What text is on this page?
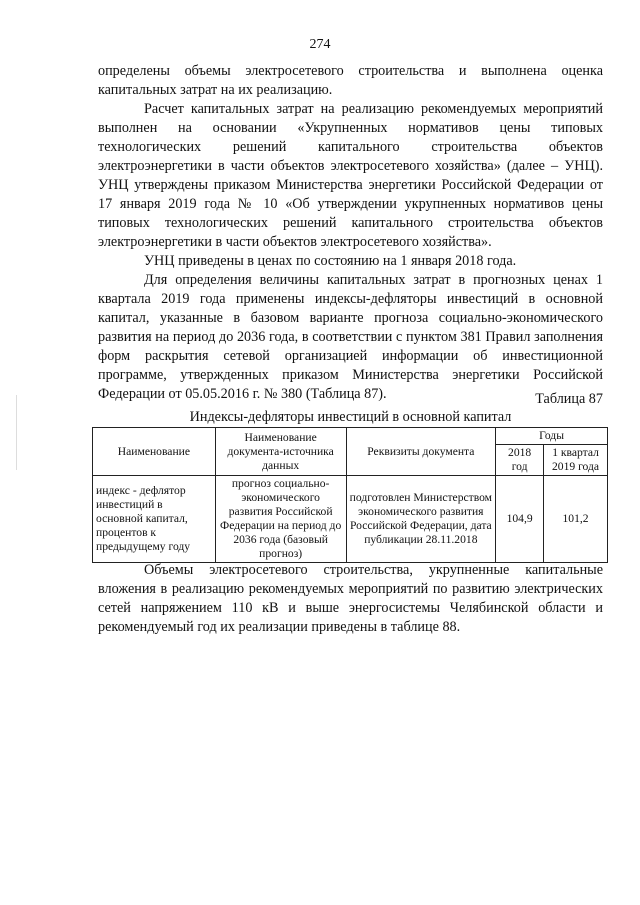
274

определены объемы электросетевого строительства и выполнена оценка капитальных затрат на их реализацию.

Расчет капитальных затрат на реализацию рекомендуемых мероприятий выполнен на основании «Укрупненных нормативов цены типовых технологических решений капитального строительства объектов электроэнергетики в части объектов электросетевого хозяйства» (далее – УНЦ). УНЦ утверждены приказом Министерства энергетики Российской Федерации от 17 января 2019 года № 10 «Об утверждении укрупненных нормативов цены типовых технологических решений капитального строительства объектов электроэнергетики в части объектов электросетевого хозяйства».

УНЦ приведены в ценах по состоянию на 1 января 2018 года.

Для определения величины капитальных затрат в прогнозных ценах 1 квартала 2019 года применены индексы-дефляторы инвестиций в основной капитал, указанные в базовом варианте прогноза социально-экономического развития на период до 2036 года, в соответствии с пунктом 381 Правил заполнения форм раскрытия сетевой организацией информации об инвестиционной программе, утвержденных приказом Министерства энергетики Российской Федерации от 05.05.2016 г. № 380 (Таблица 87).	Таблица 87
Индексы-дефляторы инвестиций в основной капитал
Наименование	Наименование документа-источника данных	Реквизиты документа	Годы	
			2018 год	1 квартал 2019 года
индекс - дефлятор инвестиций в основной капитал, процентов к предыдущему году	прогноз социально-экономического развития Российской Федерации на период до 2036 года (базовый прогноз)	подготовлен Министерством экономического развития Российской Федерации, дата публикации 28.11.2018	104,9	101,2

Объемы электросетевого строительства, укрупненные капитальные вложения в реализацию рекомендуемых мероприятий по развитию электрических сетей напряжением 110 кВ и выше энергосистемы Челябинской области и рекомендуемый год их реализации приведены в таблице 88.
